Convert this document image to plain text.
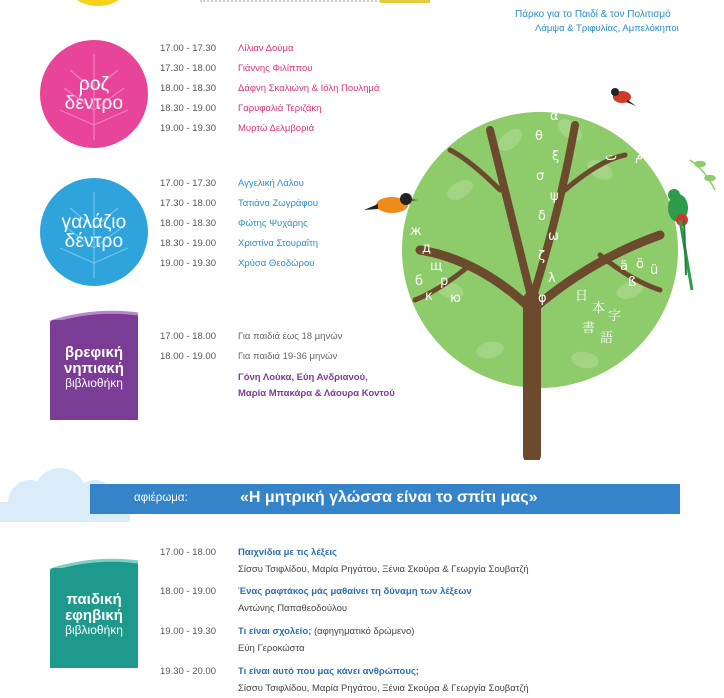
Πάρκο για το Παιδί & τον Πολιτισμό
Λάμψα & Τριφυλίας, Αμπελόκηποι
ροζ
δέντρο
17.00 - 17.30 Λίλιαν Δούμα
17.30 - 18.00 Γιάννης Φιλίππου
18.00 - 18.30 Δάφνη Σκαλιώνη & Ιόλη Πουλημά
18.30 - 19.00 Γαρυφαλιά Τεριζάκη
19.00 - 19.30 Μυρτώ Δελμβοριά
γαλάζιο
δέντρο
17.00 - 17.30 Αγγελική Λάλου
17.30 - 18.00 Τατιάνα Ζωγράφου
18.00 - 18.30 Φώτης Ψυχάρης
18.30 - 19.00 Χριστίνα Στουραΐτη
19.00 - 19.30 Χρύσα Θεοδώρου
βρεφική
νηπιακή
βιβλιοθήκη
17.00 - 18.00 Για παιδιά έως 18 μηνών
18.00 - 19.00 Για παιδιά 19-36 μηνών
Γόνη Λούκα, Εύη Ανδριανού,
Μαρία Μπακάρα & Λάουρα Κοντού
μ
α
θ
ξ
σ
ψ
δ
ω
ζ
λ
φ
ж
д
щ
б р
к ю
ع
ب
ت م
ä ö ü
ß
日
本
字
書
語
αφιέρωμα:	«Η μητρική γλώσσα είναι το σπίτι μας»
παιδική
εφηβική
βιβλιοθήκη
17.00 - 18.00 Παιχνίδια με τις λέξεις
Σίσσυ Τσιφλίδου, Μαρία Ρηγάτου, Ξένια Σκούρα & Γεωργία Σουβατζή
18.00 - 19.00 Ένας ραφτάκος μάς μαθαίνει τη δύναμη των λέξεων
Αντώνης Παπαθεοδούλου
19.00 - 19.30 Τι είναι σχολείο; (αφηγηματικό δρώμενο)
Εύη Γεροκώστα
19.30 - 20.00 Τι είναι αυτό που μας κάνει ανθρώπους;
Σίσσυ Τσιφλίδου, Μαρία Ρηγάτου, Ξένια Σκούρα & Γεωργία Σουβατζή
